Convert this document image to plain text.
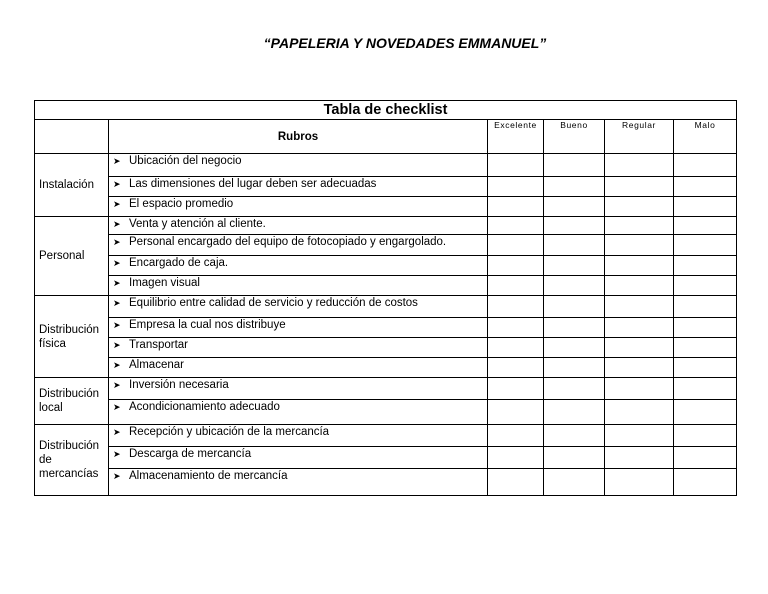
“PAPELERIA Y NOVEDADES EMMANUEL”
Tabla de checklist					
	Rubros	Excelente	Bueno	Regular	Malo
Instalación	➤ Ubicación del negocio				
	➤ Las dimensiones del lugar deben ser adecuadas				
	➤ El espacio promedio				
Personal	➤ Venta y atención al cliente.				
	➤ Personal encargado del equipo de fotocopiado y engargolado.				
	➤ Encargado de caja.				
	➤ Imagen visual				
Distribución física	➤ Equilibrio entre calidad de servicio y reducción de costos				
	➤ Empresa la cual nos distribuye				
	➤ Transportar				
	➤ Almacenar				
Distribución local	➤ Inversión necesaria				
	➤ Acondicionamiento adecuado				
Distribución de mercancías	➤ Recepción y ubicación de la mercancía				
	➤ Descarga de mercancía				
	➤ Almacenamiento de mercancía				
